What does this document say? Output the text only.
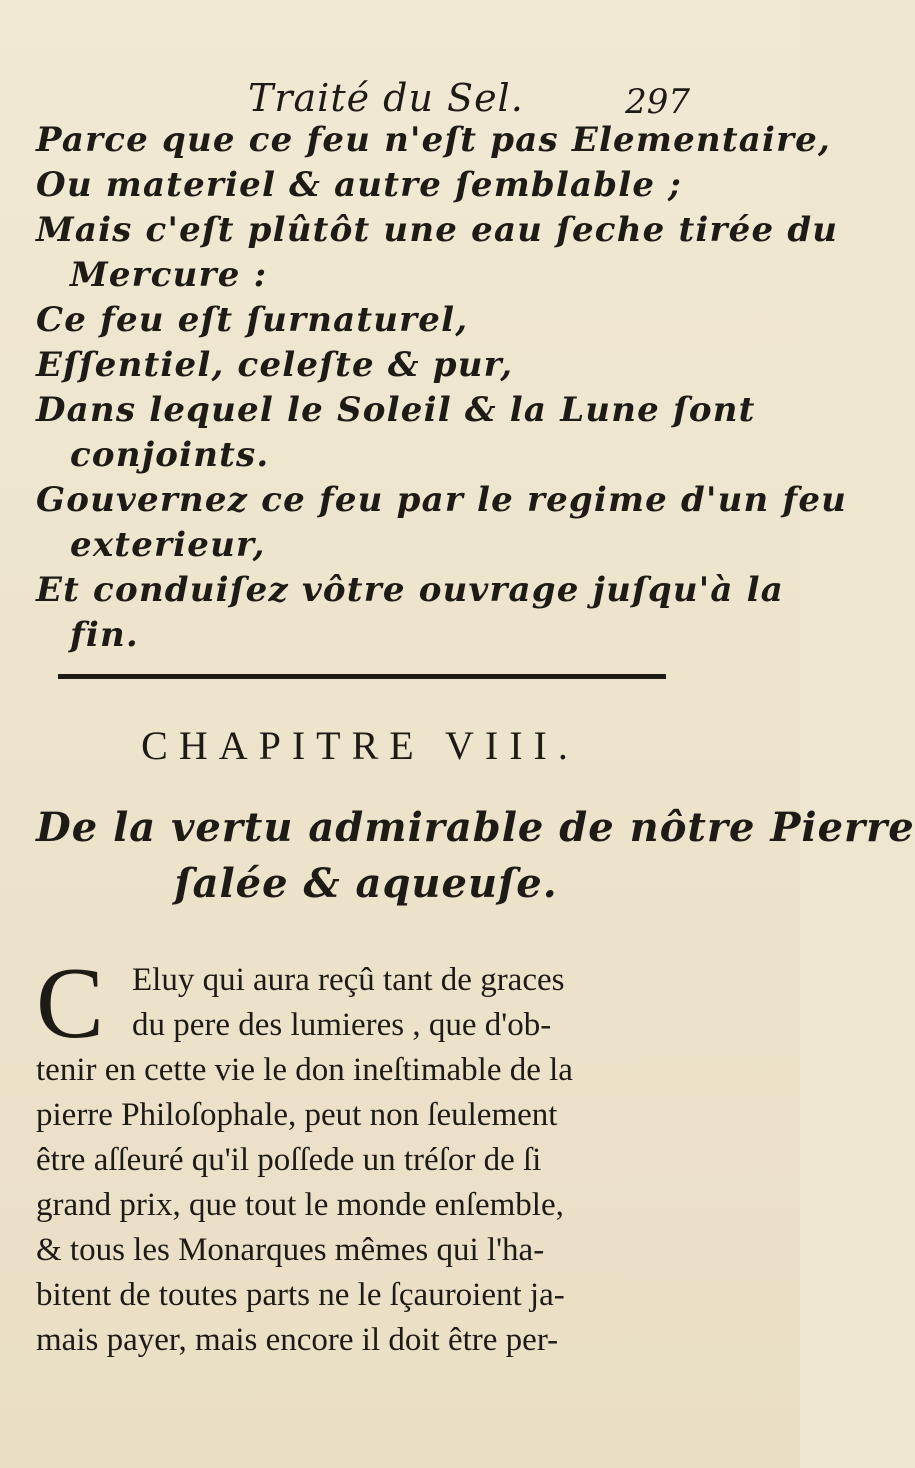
Traité du Sel.	297
Parce que ce feu n'eſt pas Elementaire,
Ou materiel & autre ſemblable ;
Mais c'eſt plûtôt une eau ſeche tirée du
Mercure :
Ce feu eſt ſurnaturel,
Eſſentiel, celeſte & pur,
Dans lequel le Soleil & la Lune ſont
conjoints.
Gouvernez ce feu par le regime d'un feu
exterieur,
Et conduiſez vôtre ouvrage juſqu'à la
fin.
CHAPITRE VIII.
De la vertu admirable de nôtre Pierre
ſalée & aqueuſe.
C Eluy qui aura reçû tant de graces
du pere des lumieres , que d'ob-
tenir en cette vie le don ineſtimable de la
pierre Philoſophale, peut non ſeulement
être aſſeuré qu'il poſſede un tréſor de ſi
grand prix, que tout le monde enſemble,
& tous les Monarques mêmes qui l'ha-
bitent de toutes parts ne le ſçauroient ja-
mais payer, mais encore il doit être per-
